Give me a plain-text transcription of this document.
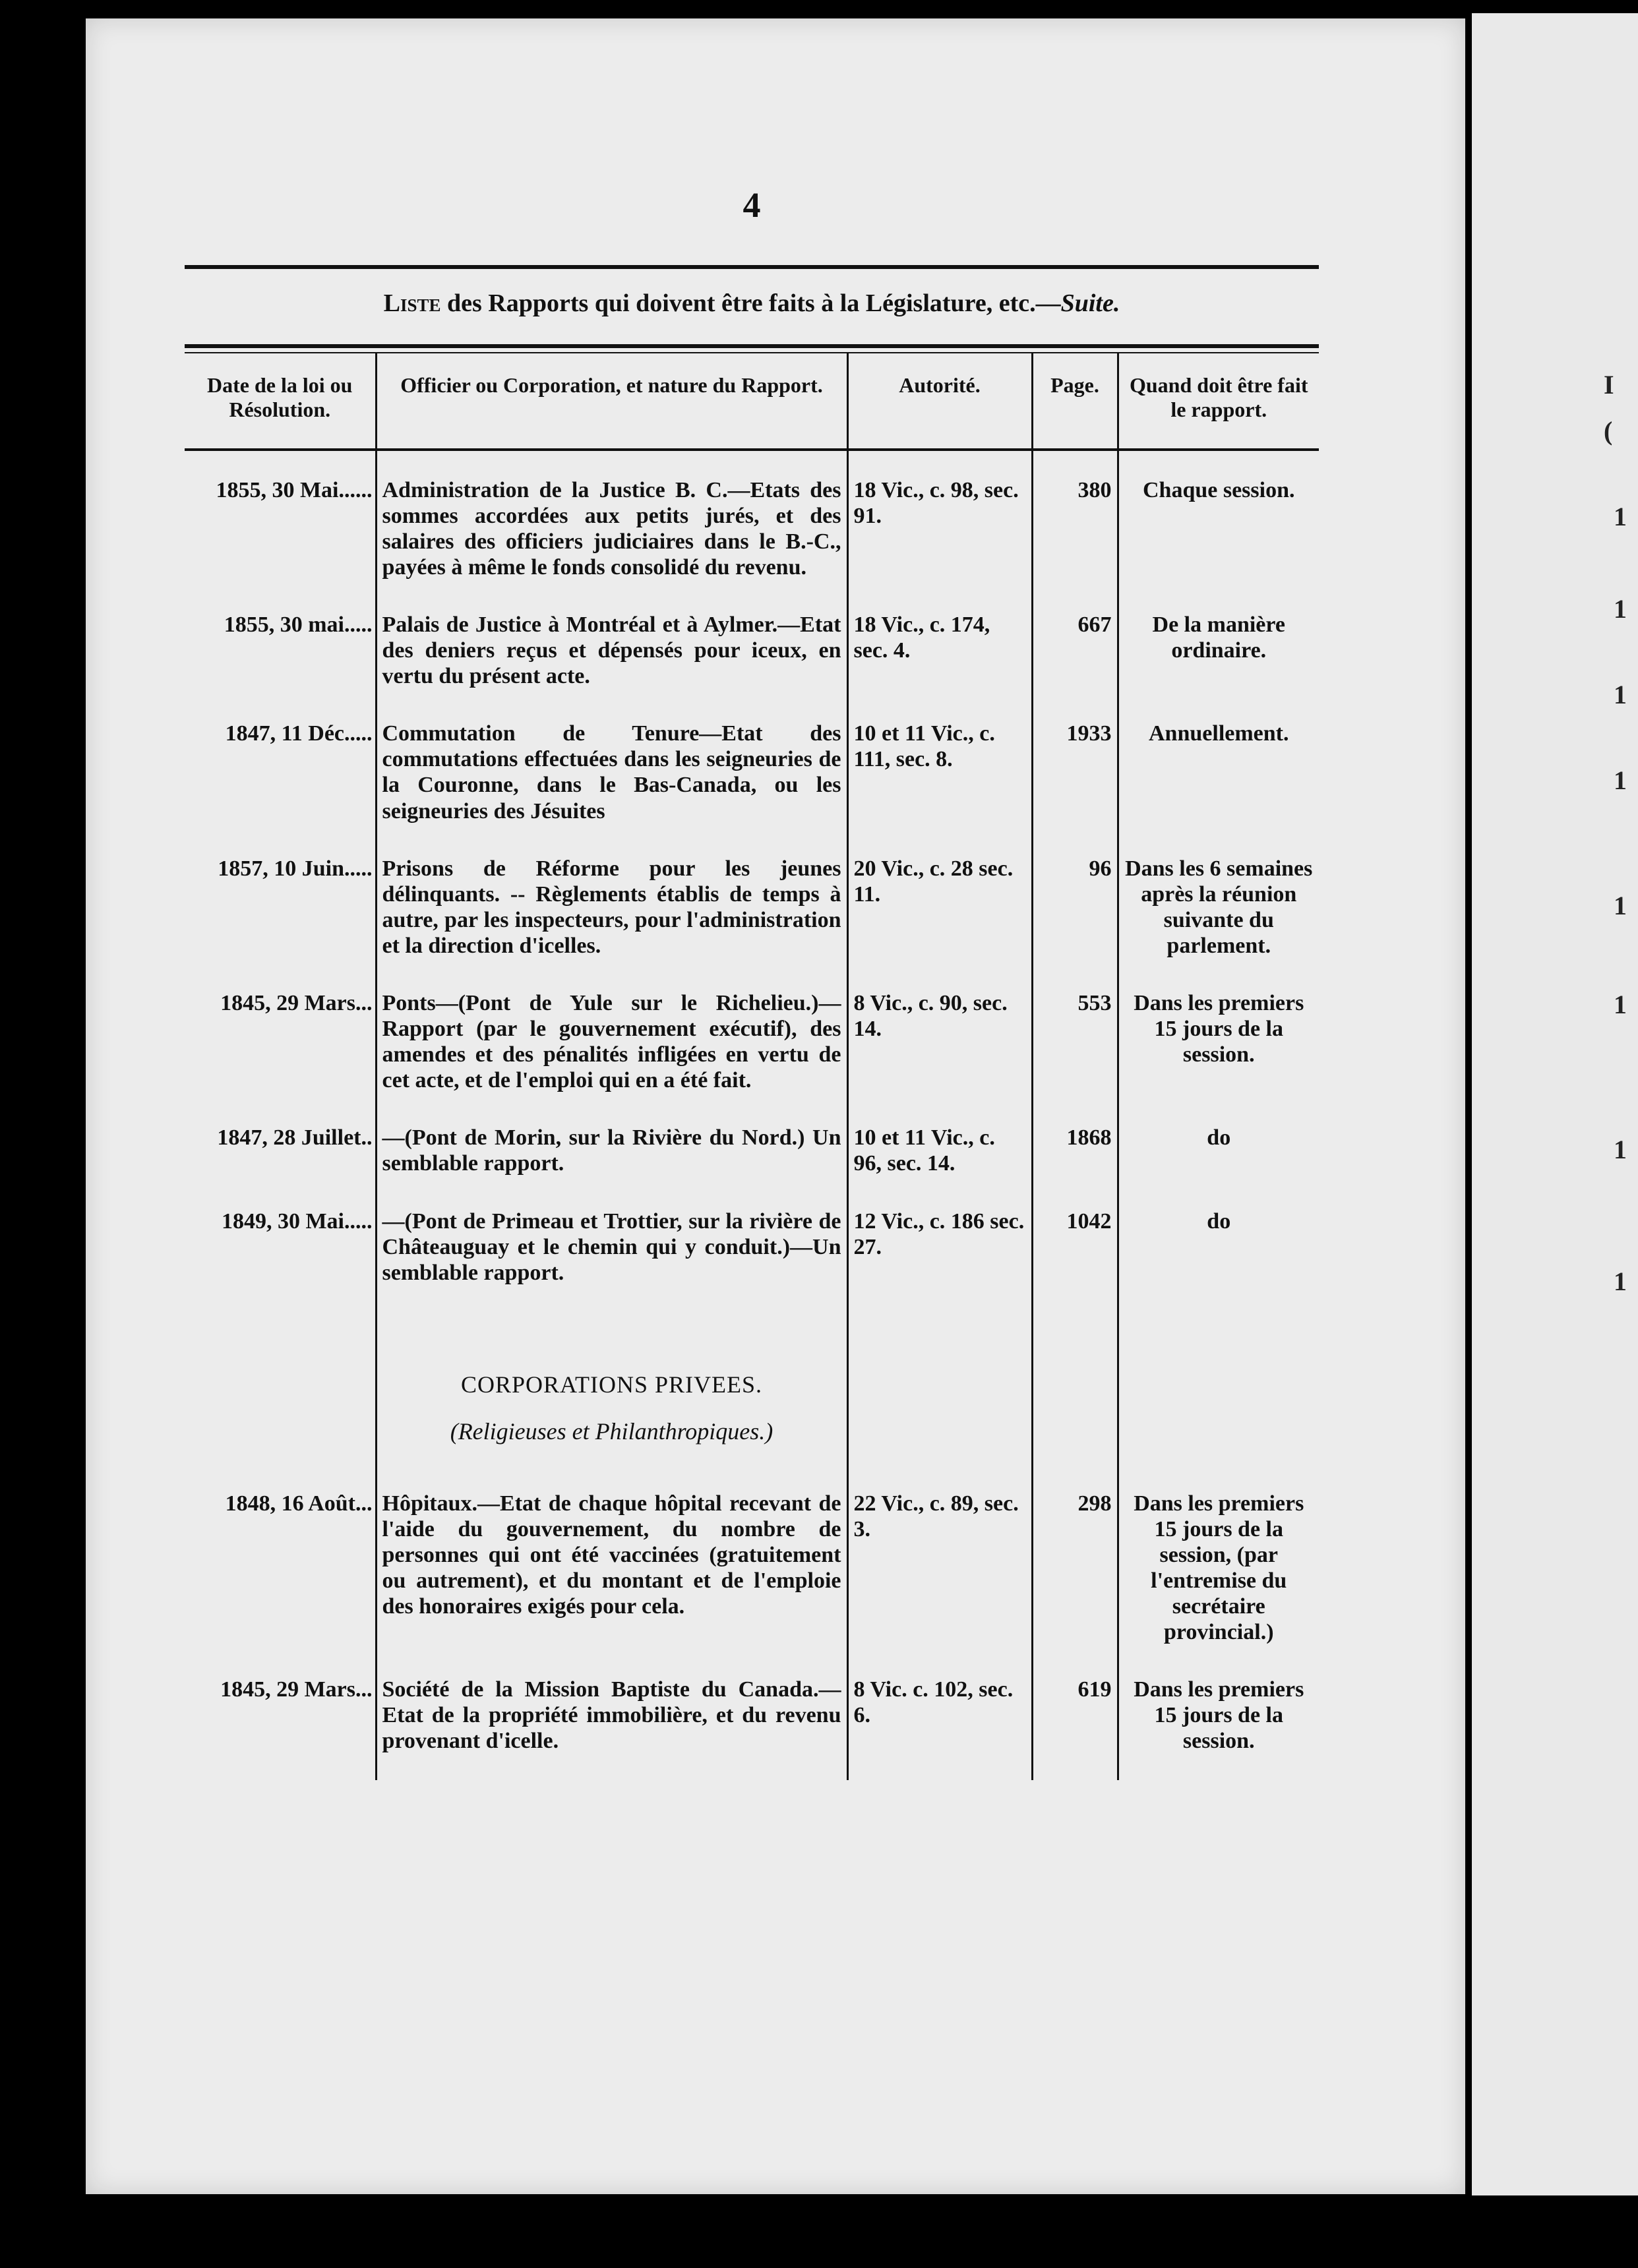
I
(
1
1
1
1
1
1
1
1
4
Liste des Rapports qui doivent être faits à la Législature, etc.—Suite.
Date de la loi ou Résolution.	Officier ou Corporation, et nature du Rapport.	Autorité.	Page.	Quand doit être fait le rapport.
1855, 30 Mai......	Administration de la Justice B. C.—Etats des sommes accordées aux petits jurés, et des salaires des officiers judiciaires dans le B.-C., payées à même le fonds consolidé du revenu.	18 Vic., c. 98, sec. 91.	380	Chaque session.
1855, 30 mai.....	Palais de Justice à Montréal et à Aylmer.—Etat des deniers reçus et dépensés pour iceux, en vertu du présent acte.	18 Vic., c. 174, sec. 4.	667	De la manière ordinaire.
1847, 11 Déc.....	Commutation de Tenure—Etat des commutations effectuées dans les seigneuries de la Couronne, dans le Bas-Canada, ou les seigneuries des Jésuites	10 et 11 Vic., c. 111, sec. 8.	1933	Annuellement.
1857, 10 Juin.....	Prisons de Réforme pour les jeunes délinquants. -- Règlements établis de temps à autre, par les inspecteurs, pour l'administration et la direction d'icelles.	20 Vic., c. 28 sec. 11.	96	Dans les 6 semaines après la réunion suivante du parlement.
1845, 29 Mars...	Ponts—(Pont de Yule sur le Richelieu.)—Rapport (par le gouvernement exécutif), des amendes et des pénalités infligées en vertu de cet acte, et de l'emploi qui en a été fait.	8 Vic., c. 90, sec. 14.	553	Dans les premiers 15 jours de la session.
1847, 28 Juillet..	—(Pont de Morin, sur la Rivière du Nord.) Un semblable rapport.	10 et 11 Vic., c. 96, sec. 14.	1868	do
1849, 30 Mai.....	—(Pont de Primeau et Trottier, sur la rivière de Châteauguay et le chemin qui y conduit.)—Un semblable rapport.	12 Vic., c. 186 sec. 27.	1042	do
	CORPORATIONS PRIVEES.			
	(Religieuses et Philanthropiques.)			
1848, 16 Août...	Hôpitaux.—Etat de chaque hôpital recevant de l'aide du gouvernement, du nombre de personnes qui ont été vaccinées (gratuitement ou autrement), et du montant et de l'emploie des honoraires exigés pour cela.	22 Vic., c. 89, sec. 3.	298	Dans les premiers 15 jours de la session, (par l'entremise du secrétaire provincial.)
1845, 29 Mars...	Société de la Mission Baptiste du Canada.—Etat de la propriété immobilière, et du revenu provenant d'icelle.	8 Vic. c. 102, sec. 6.	619	Dans les premiers 15 jours de la session.
